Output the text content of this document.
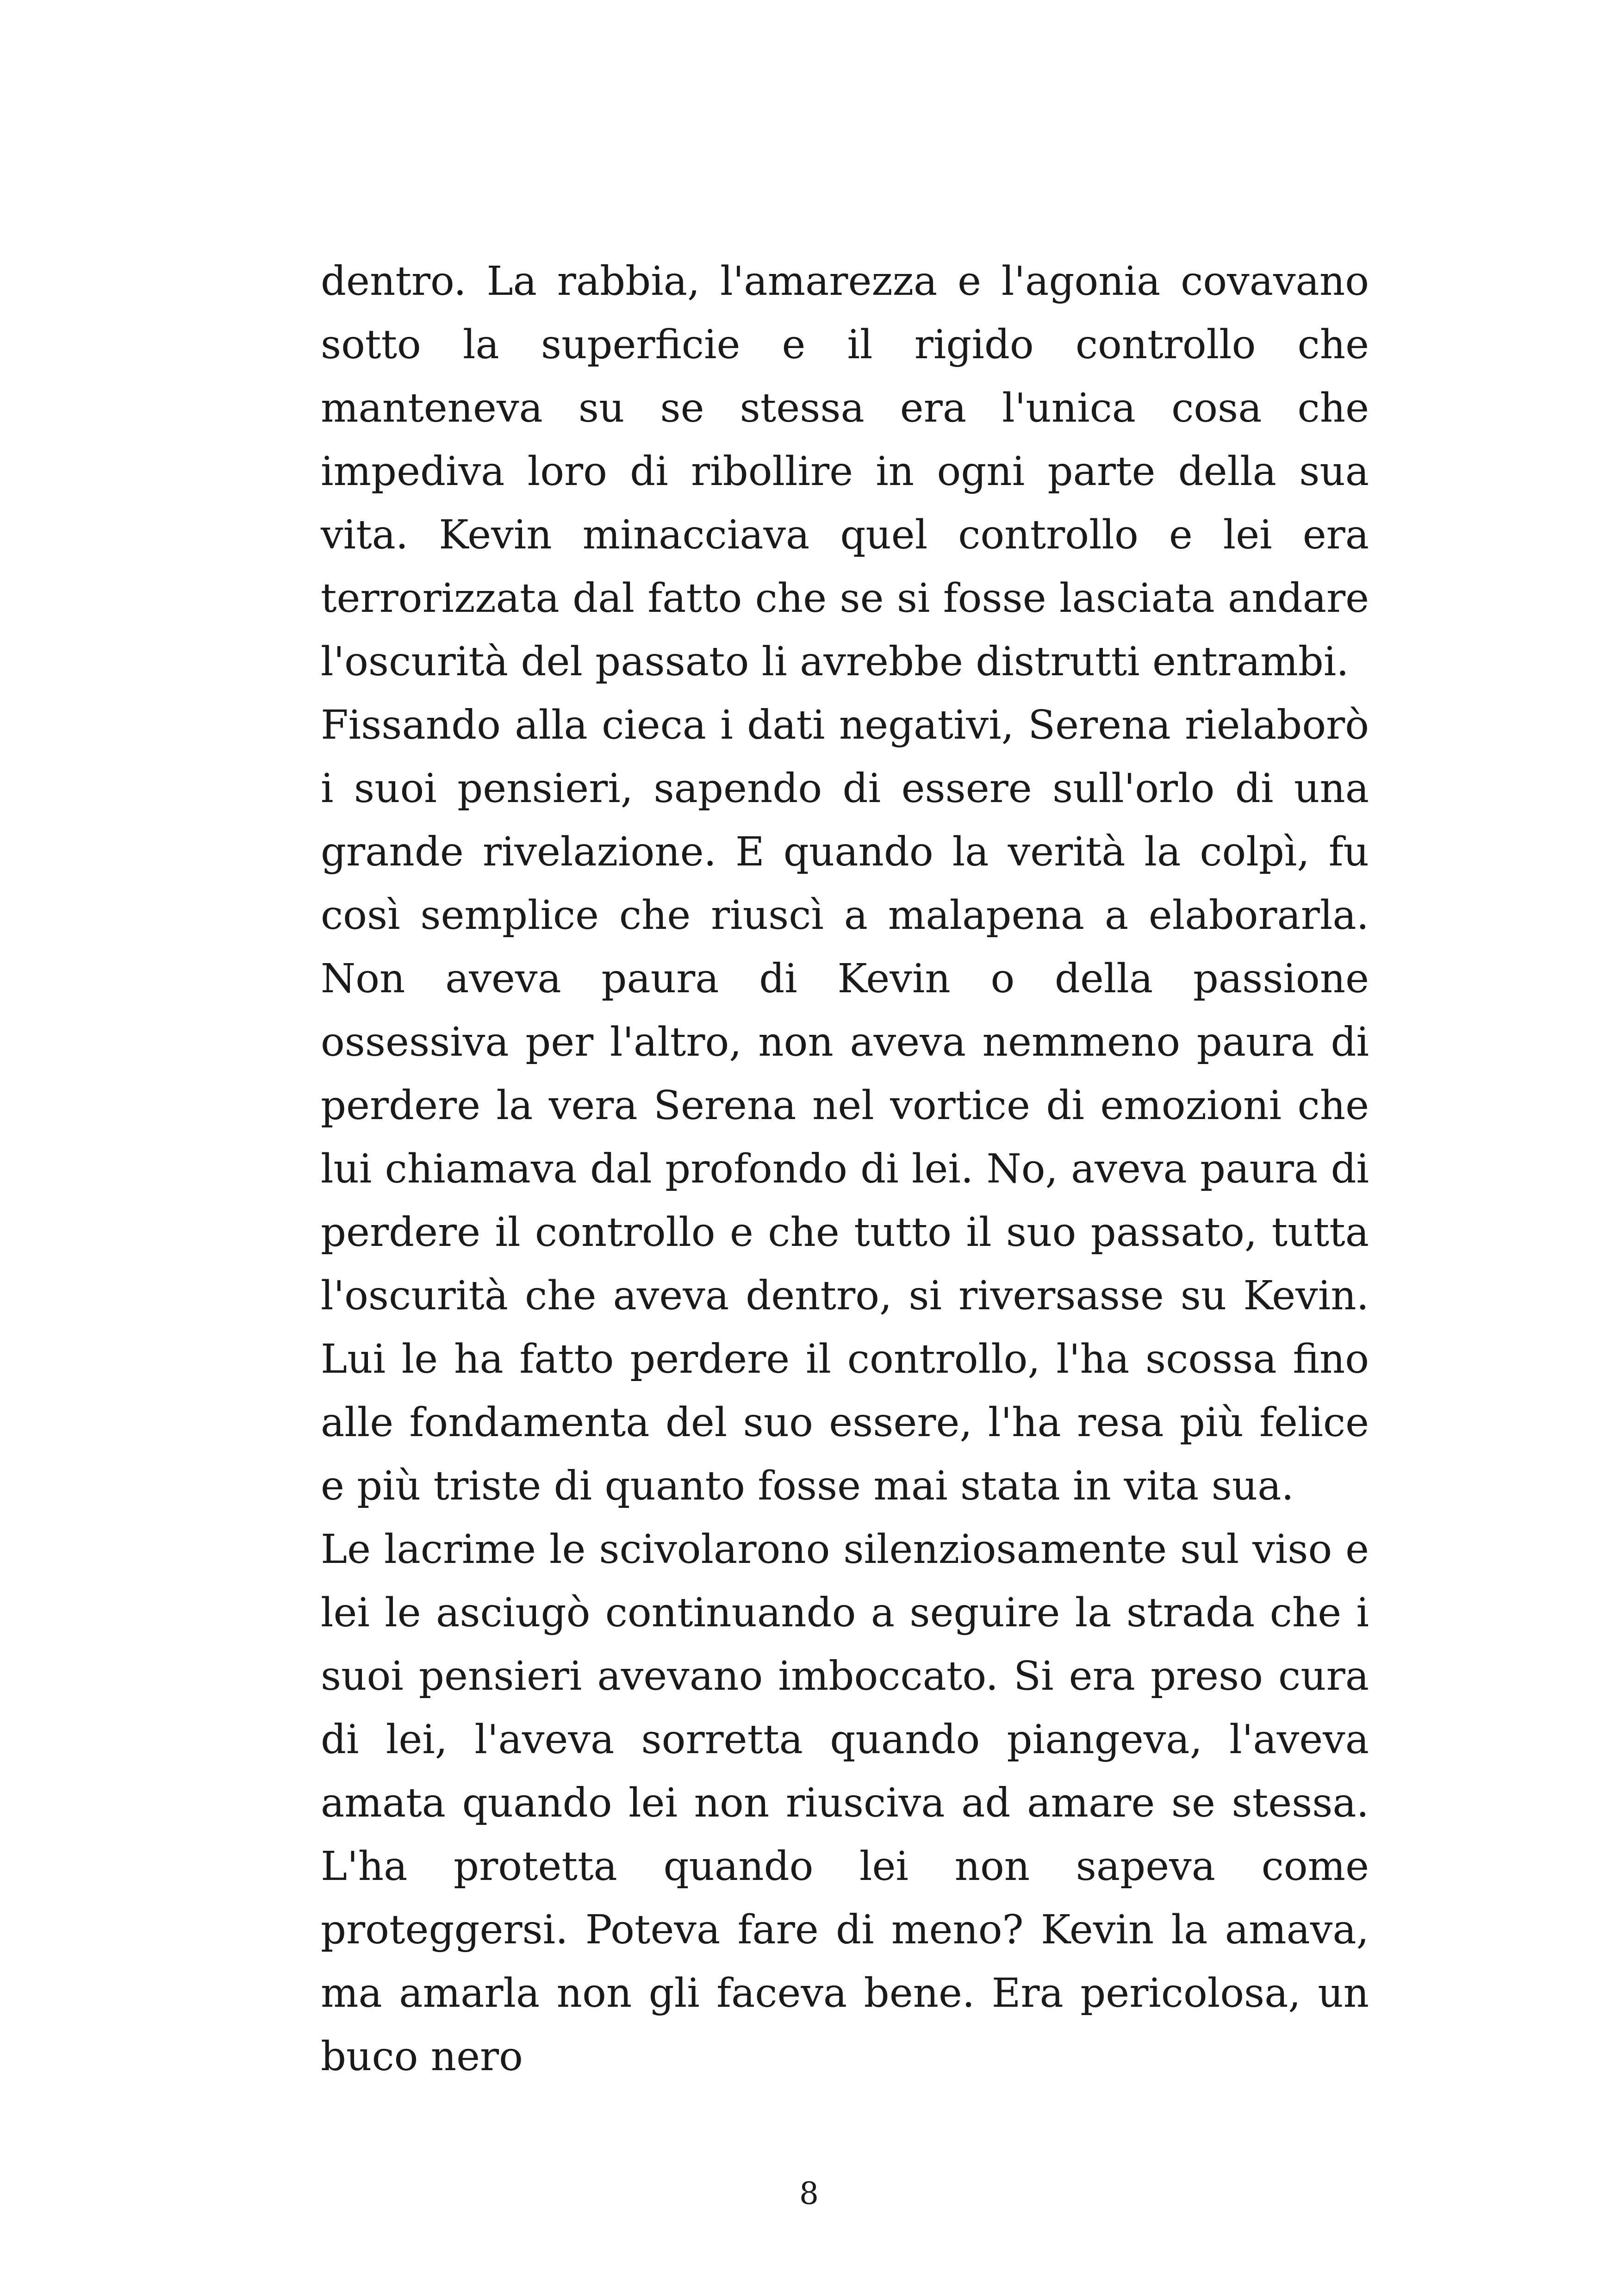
dentro. La rabbia, l'amarezza e l'agonia covavano sotto la superficie e il rigido controllo che manteneva su se stessa era l'unica cosa che impediva loro di ribollire in ogni parte della sua vita. Kevin minacciava quel controllo e lei era terrorizzata dal fatto che se si fosse lasciata andare l'oscurità del passato li avrebbe distrutti entrambi.

Fissando alla cieca i dati negativi, Serena rielaborò i suoi pensieri, sapendo di essere sull'orlo di una grande rivelazione. E quando la verità la colpì, fu così semplice che riuscì a malapena a elaborarla. Non aveva paura di Kevin o della passione ossessiva per l'altro, non aveva nemmeno paura di perdere la vera Serena nel vortice di emozioni che lui chiamava dal profondo di lei. No, aveva paura di perdere il controllo e che tutto il suo passato, tutta l'oscurità che aveva dentro, si riversasse su Kevin. Lui le ha fatto perdere il controllo, l'ha scossa fino alle fondamenta del suo essere, l'ha resa più felice e più triste di quanto fosse mai stata in vita sua.

Le lacrime le scivolarono silenziosamente sul viso e lei le asciugò continuando a seguire la strada che i suoi pensieri avevano imboccato. Si era preso cura di lei, l'aveva sorretta quando piangeva, l'aveva amata quando lei non riusciva ad amare se stessa. L'ha protetta quando lei non sapeva come proteggersi. Poteva fare di meno? Kevin la amava, ma amarla non gli faceva bene. Era pericolosa, un buco nero

8
